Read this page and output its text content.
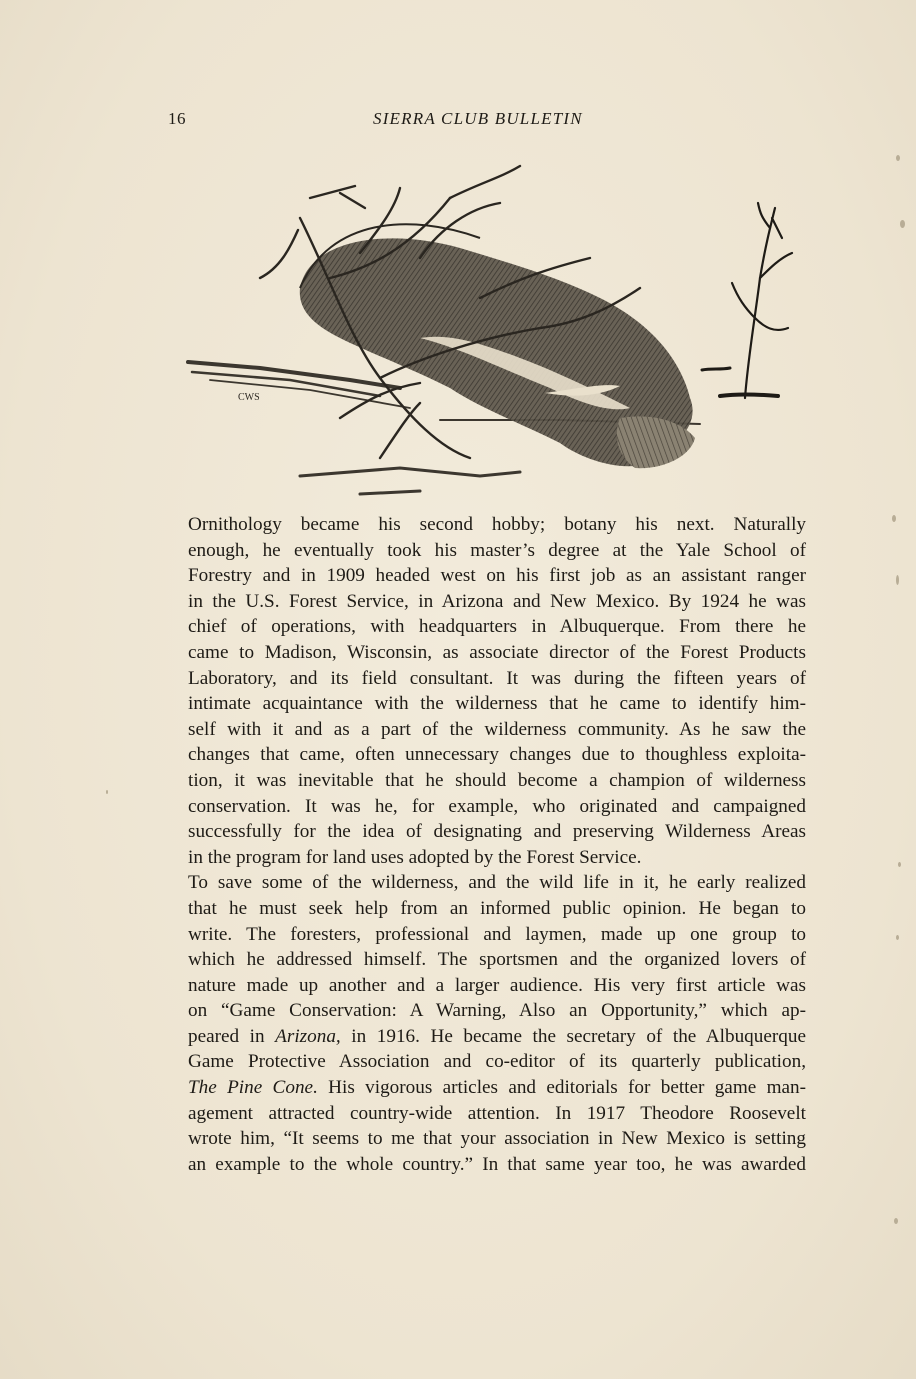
16	SIERRA CLUB BULLETIN
CWS
Ornithology became his second hobby; botany his next. Naturally
enough, he eventually took his master’s degree at the Yale School of
Forestry and in 1909 headed west on his first job as an assistant ranger
in the U.S. Forest Service, in Arizona and New Mexico. By 1924 he was
chief of operations, with headquarters in Albuquerque. From there he
came to Madison, Wisconsin, as associate director of the Forest Products
Laboratory, and its field consultant. It was during the fifteen years of
intimate acquaintance with the wilderness that he came to identify him-
self with it and as a part of the wilderness community. As he saw the
changes that came, often unnecessary changes due to thoughless exploita-
tion, it was inevitable that he should become a champion of wilderness
conservation. It was he, for example, who originated and campaigned
successfully for the idea of designating and preserving Wilderness Areas
in the program for land uses adopted by the Forest Service.
To save some of the wilderness, and the wild life in it, he early realized
that he must seek help from an informed public opinion. He began to
write. The foresters, professional and laymen, made up one group to
which he addressed himself. The sportsmen and the organized lovers of
nature made up another and a larger audience. His very first article was
on “Game Conservation: A Warning, Also an Opportunity,” which ap-
peared in Arizona, in 1916. He became the secretary of the Albuquerque
Game Protective Association and co-editor of its quarterly publication,
The Pine Cone. His vigorous articles and editorials for better game man-
agement attracted country-wide attention. In 1917 Theodore Roosevelt
wrote him, “It seems to me that your association in New Mexico is setting
an example to the whole country.” In that same year too, he was awarded
